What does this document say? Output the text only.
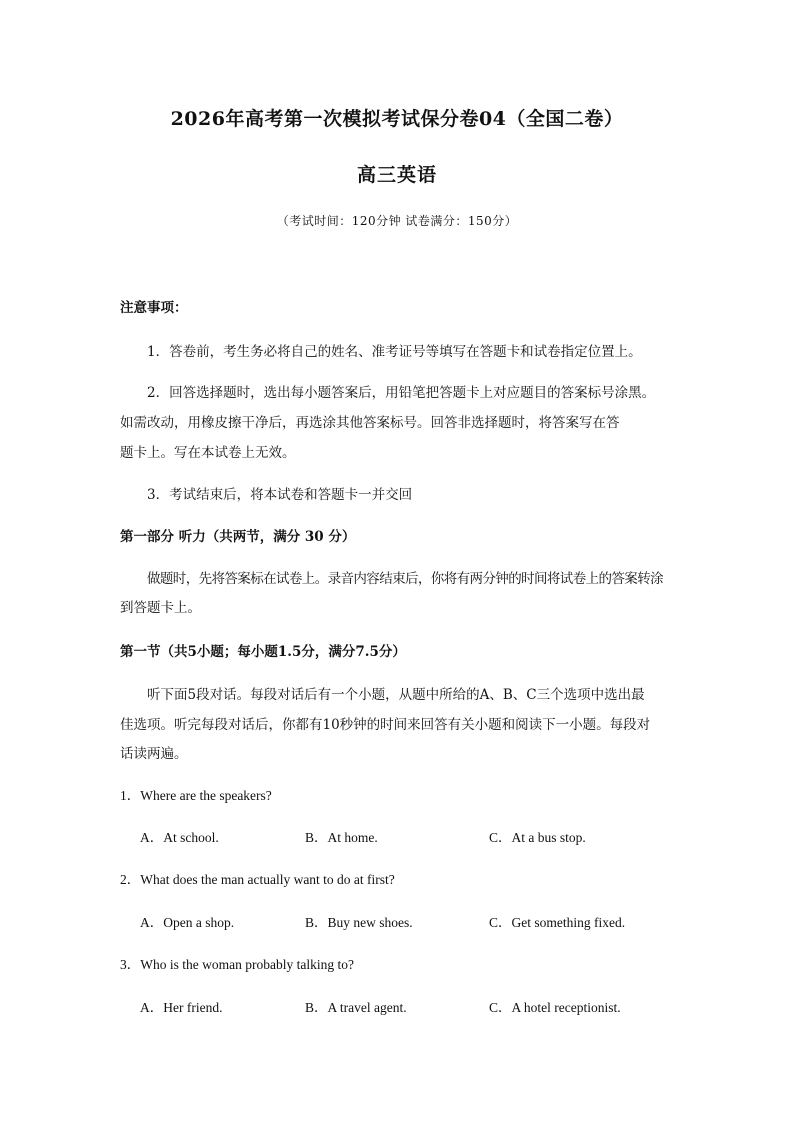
2026年高考第一次模拟考试保分卷04（全国二卷）
高三英语
（考试时间：120分钟 试卷满分：150分）
注意事项：
1．答卷前，考生务必将自己的姓名、准考证号等填写在答题卡和试卷指定位置上。
2．回答选择题时，选出每小题答案后，用铅笔把答题卡上对应题目的答案标号涂黑。
如需改动，用橡皮擦干净后，再选涂其他答案标号。回答非选择题时，将答案写在答
题卡上。写在本试卷上无效。
3．考试结束后，将本试卷和答题卡一并交回
第一部分 听力（共两节，满分 30 分）
做题时，先将答案标在试卷上。录音内容结束后，你将有两分钟的时间将试卷上的答案转涂
到答题卡上。
第一节（共5小题；每小题1.5分，满分7.5分）
听下面5段对话。每段对话后有一个小题，从题中所给的A、B、C三个选项中选出最
佳选项。听完每段对话后，你都有10秒钟的时间来回答有关小题和阅读下一小题。每段对
话读两遍。
1．Where are the speakers?
A．At school.	B．At home.	C．At a bus stop.
2．What does the man actually want to do at first?
A．Open a shop.	B．Buy new shoes.	C．Get something fixed.
3．Who is the woman probably talking to?
A．Her friend.	B．A travel agent.	C．A hotel receptionist.
